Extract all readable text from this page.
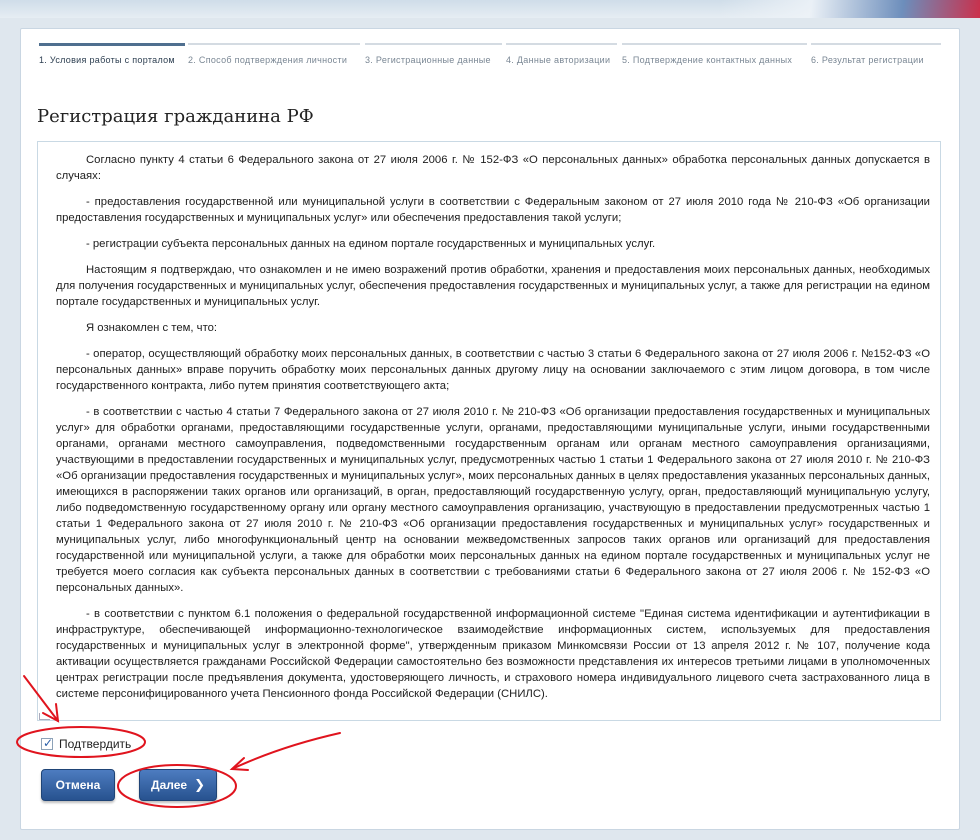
1. Условия работы с порталом	2. Способ подтверждения личности	3. Регистрационные данные	4. Данные авторизации	5. Подтверждение контактных данных	6. Результат регистрации
Регистрация гражданина РФ

Согласно пункту 4 статьи 6 Федерального закона от 27 июля 2006 г. № 152-ФЗ «О персональных данных» обработка персональных данных допускается в случаях:

- предоставления государственной или муниципальной услуги в соответствии с Федеральным законом от 27 июля 2010 года № 210-ФЗ «Об организации предоставления государственных и муниципальных услуг» или обеспечения предоставления такой услуги;

- регистрации субъекта персональных данных на едином портале государственных и муниципальных услуг.

Настоящим я подтверждаю, что ознакомлен и не имею возражений против обработки, хранения и предоставления моих персональных данных, необходимых для получения государственных и муниципальных услуг, обеспечения предоставления государственных и муниципальных услуг, а также для регистрации на едином портале государственных и муниципальных услуг.

Я ознакомлен с тем, что:

- оператор, осуществляющий обработку моих персональных данных, в соответствии с частью 3 статьи 6 Федерального закона от 27 июля 2006 г. №152-ФЗ «О персональных данных» вправе поручить обработку моих персональных данных другому лицу на основании заключаемого с этим лицом договора, в том числе государственного контракта, либо путем принятия соответствующего акта;

- в соответствии с частью 4 статьи 7 Федерального закона от 27 июля 2010 г. № 210-ФЗ «Об организации предоставления государственных и муниципальных услуг» для обработки органами, предоставляющими государственные услуги, органами, предоставляющими муниципальные услуги, иными государственными органами, органами местного самоуправления, подведомственными государственным органам или органам местного самоуправления организациями, участвующими в предоставлении государственных и муниципальных услуг, предусмотренных частью 1 статьи 1 Федерального закона от 27 июля 2010 г. № 210-ФЗ «Об организации предоставления государственных и муниципальных услуг», моих персональных данных в целях предоставления указанных персональных данных, имеющихся в распоряжении таких органов или организаций, в орган, предоставляющий государственную услугу, орган, предоставляющий муниципальную услугу, либо подведомственную государственному органу или органу местного самоуправления организацию, участвующую в предоставлении предусмотренных частью 1 статьи 1 Федерального закона от 27 июля 2010 г. № 210-ФЗ «Об организации предоставления государственных и муниципальных услуг» государственных и муниципальных услуг, либо многофункциональный центр на основании межведомственных запросов таких органов или организаций для предоставления государственной или муниципальной услуги, а также для обработки моих персональных данных на едином портале государственных и муниципальных услуг не требуется моего согласия как субъекта персональных данных в соответствии с требованиями статьи 6 Федерального закона от 27 июля 2006 г. № 152-ФЗ «О персональных данных».

- в соответствии с пунктом 6.1 положения о федеральной государственной информационной системе "Единая система идентификации и аутентификации в инфраструктуре, обеспечивающей информационно-технологическое взаимодействие информационных систем, используемых для предоставления государственных и муниципальных услуг в электронной форме", утвержденным приказом Минкомсвязи России от 13 апреля 2012 г. № 107, получение кода активации осуществляется гражданами Российской Федерации самостоятельно без возможности представления их интересов третьими лицами в уполномоченных центрах регистрации после предъявления документа, удостоверяющего личность, и страхового номера индивидуального лицевого счета застрахованного лица в системе персонифицированного учета Пенсионного фонда Российской Федерации (СНИЛС).

✓ Подтвердить
Отмена	Далее ❯
